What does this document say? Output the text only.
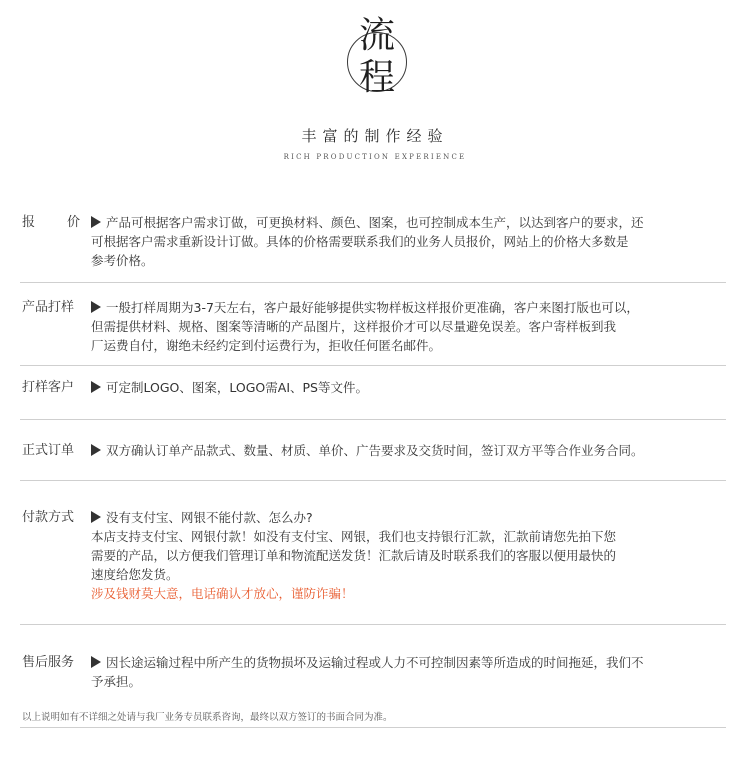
流
程
丰富的制作经验
RICH PRODUCTION EXPERIENCE
报 价	产品可根据客户需求订做，可更换材料、颜色、图案，也可控制成本生产，以达到客户的要求，还

可根据客户需求重新设计订做。具体的价格需要联系我们的业务人员报价，网站上的价格大多数是

参考价格。

产品打样	一般打样周期为3-7天左右，客户最好能够提供实物样板这样报价更准确，客户来图打版也可以，

但需提供材料、规格、图案等清晰的产品图片，这样报价才可以尽量避免误差。客户寄样板到我

厂运费自付，谢绝未经约定到付运费行为，拒收任何匿名邮件。

打样客户	可定制LOGO、图案，LOGO需AI、PS等文件。

正式订单	双方确认订单产品款式、数量、材质、单价、广告要求及交货时间，签订双方平等合作业务合同。

付款方式	没有支付宝、网银不能付款、怎么办?

本店支持支付宝、网银付款！如没有支付宝、网银，我们也支持银行汇款，汇款前请您先拍下您

需要的产品，以方便我们管理订单和物流配送发货！汇款后请及时联系我们的客服以便用最快的

速度给您发货。

涉及钱财莫大意，电话确认才放心，谨防诈骗！

售后服务	因长途运输过程中所产生的货物损坏及运输过程或人力不可控制因素等所造成的时间拖延，我们不

予承担。

以上说明如有不详细之处请与我厂业务专员联系咨询，最终以双方签订的书面合同为准。
